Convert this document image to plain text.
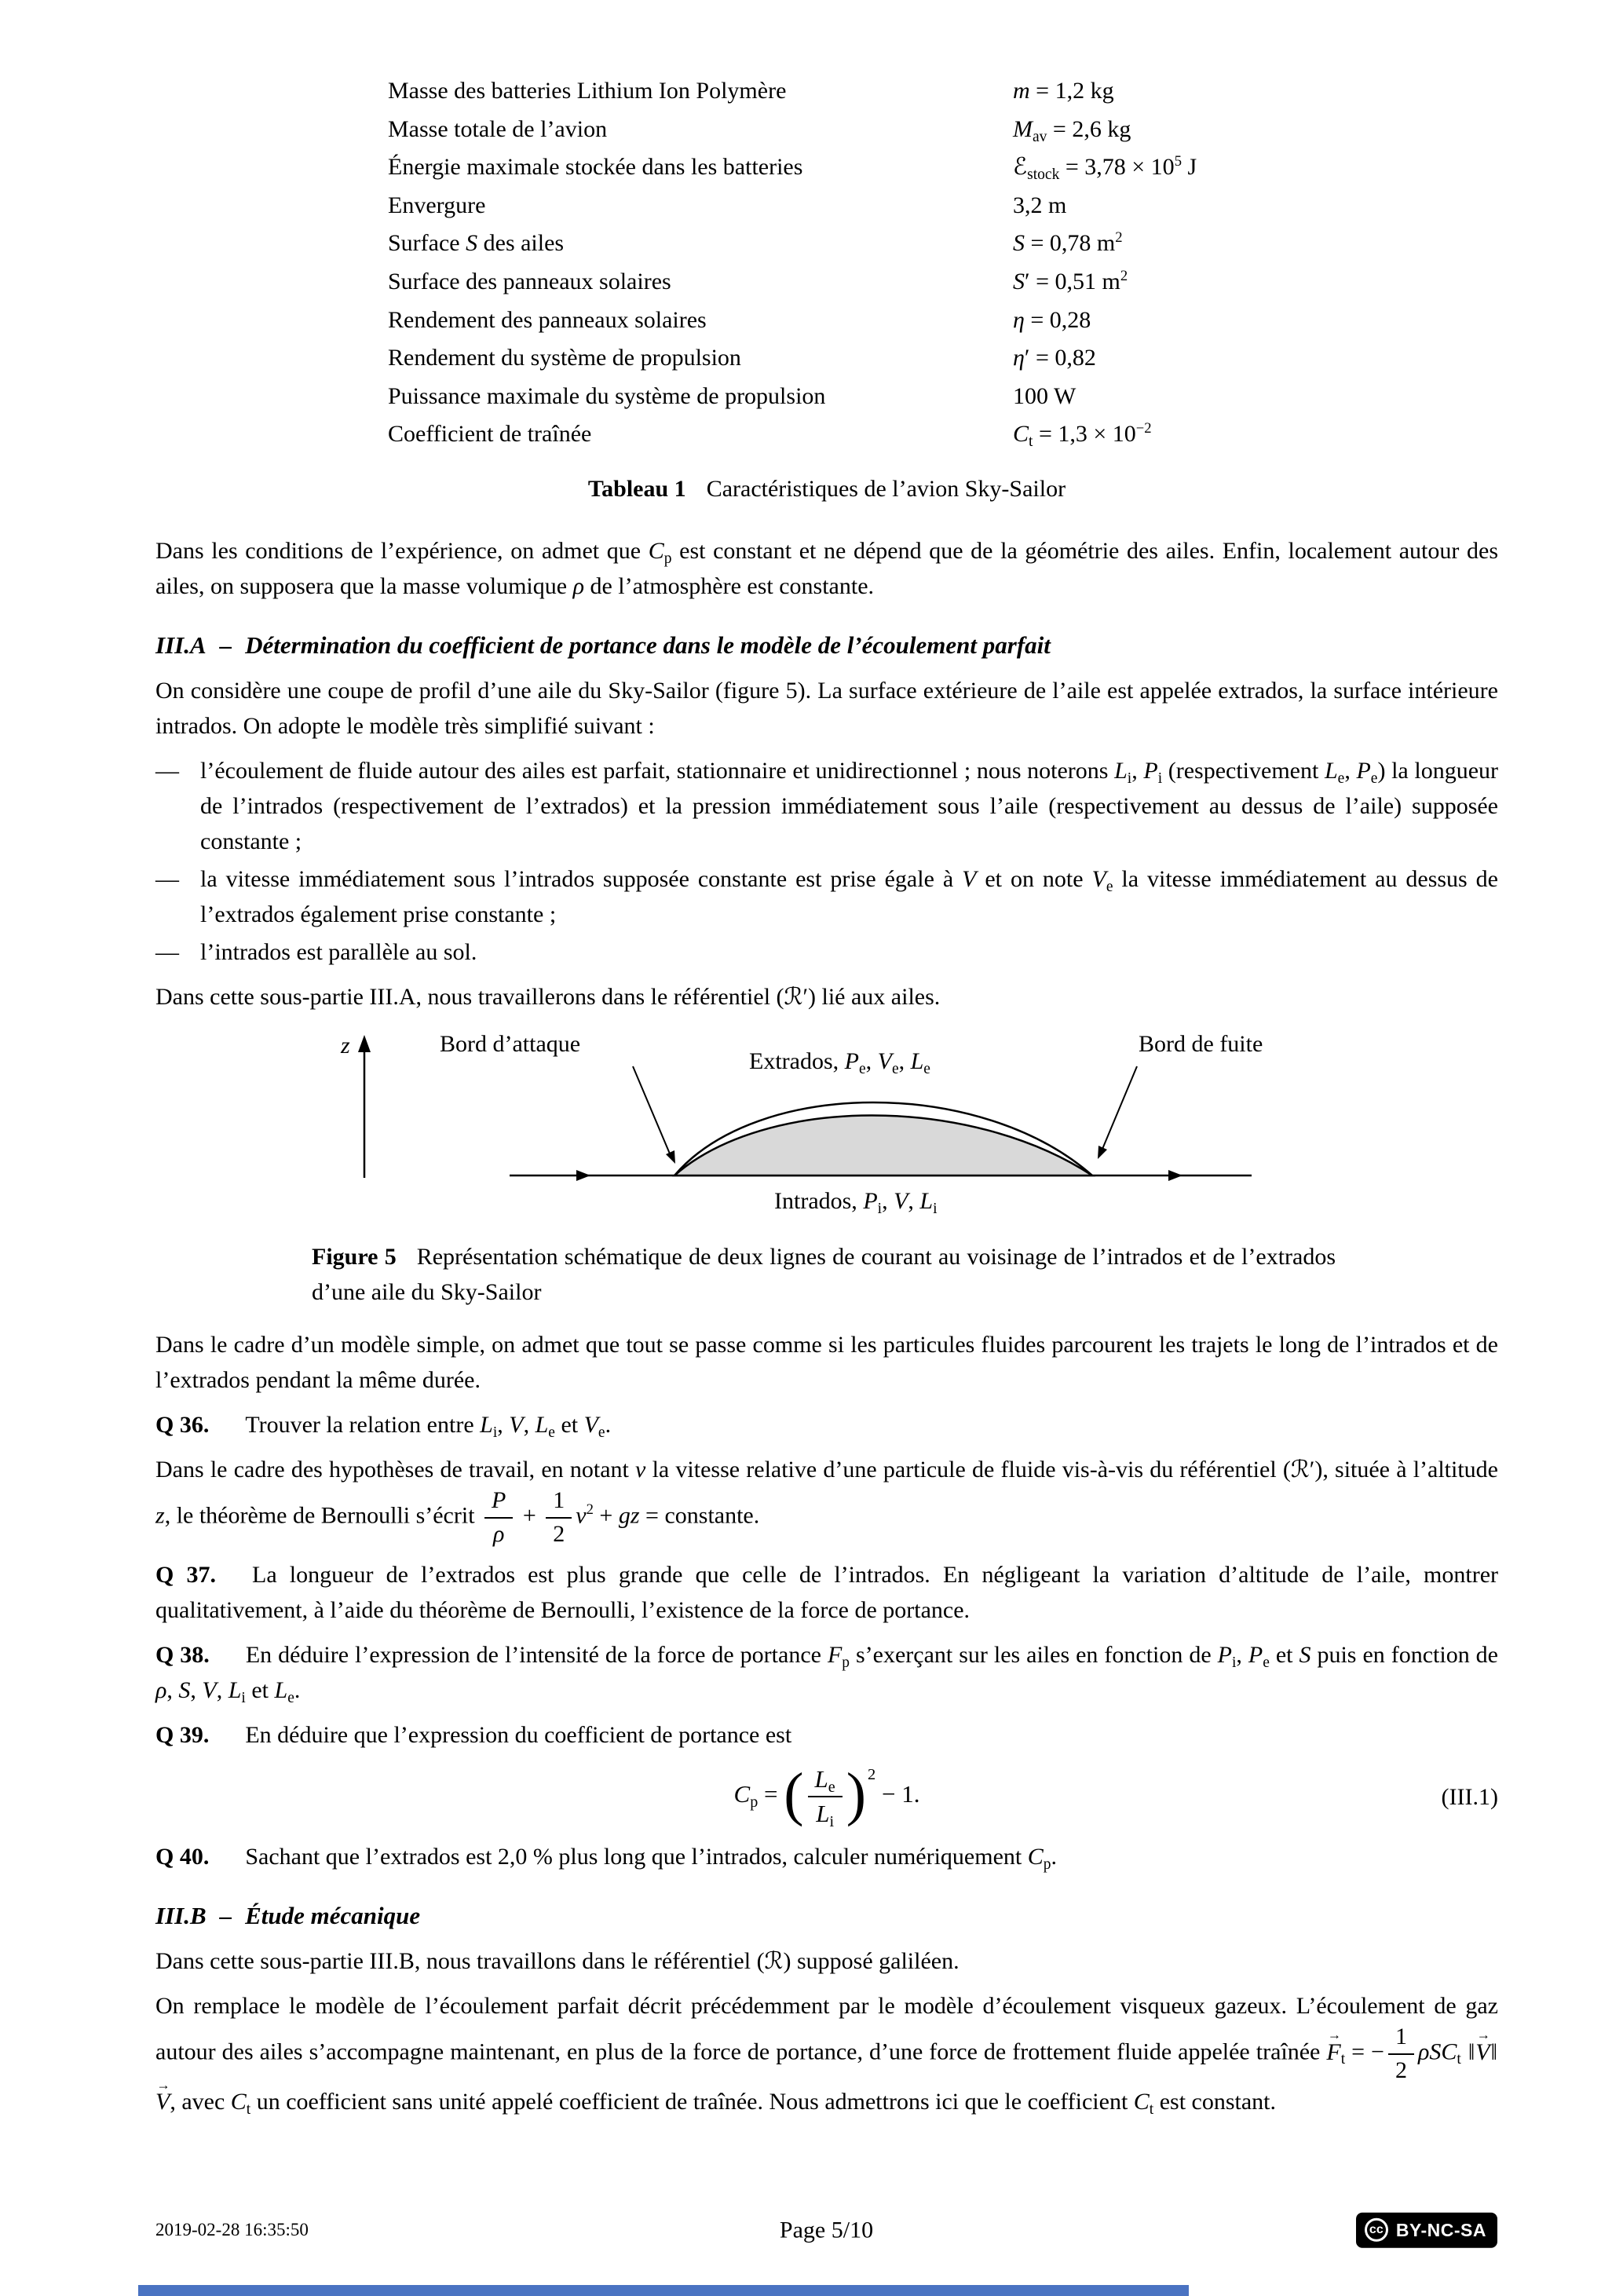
Masse des batteries Lithium Ion Polymère	m = 1,2 kg
Masse totale de l’avion	$M_{av} = 2,6$ kg
Énergie maximale stockée dans les batteries	ℰ$_{stock}$ = $3,78 \times 10^5$ J
Envergure	3,2 m
Surface S des ailes	S = 0,78 $m^2$
Surface des panneaux solaires	S′ = 0,51 $m^2$
Rendement des panneaux solaires	η = 0,28
Rendement du système de propulsion	η′ = 0,82
Puissance maximale du système de propulsion	100 W
Coefficient de traînée	$C_t = 1,3 \times 10^{-2}$
Tableau 1 Caractéristiques de l’avion Sky-Sailor

Dans les conditions de l’expérience, on admet que $C_p$ est constant et ne dépend que de la géométrie des ailes. Enfin, localement autour des ailes, on supposera que la masse volumique ρ de l’atmosphère est constante.

III.A – Détermination du coefficient de portance dans le modèle de l’écoulement parfait

On considère une coupe de profil d’une aile du Sky-Sailor (figure 5). La surface extérieure de l’aile est appelée extrados, la surface intérieure intrados. On adopte le modèle très simplifié suivant :

— l’écoulement de fluide autour des ailes est parfait, stationnaire et unidirectionnel ; nous noterons $L_i$, $P_i$ (respectivement $L_e$, $P_e$) la longueur de l’intrados (respectivement de l’extrados) et la pression immédiatement sous l’aile (respectivement au dessus de l’aile) supposée constante ;
— la vitesse immédiatement sous l’intrados supposée constante est prise égale à V et on note $V_e$ la vitesse immédiatement au dessus de l’extrados également prise constante ;
— l’intrados est parallèle au sol.

Dans cette sous-partie III.A, nous travaillerons dans le référentiel (ℛ′) lié aux ailes.

z	Bord d’attaque
Extrados, $P_e$, $V_e$, $L_e$
Bord de fuite
Intrados, $P_i$, V, $L_i$
Figure 5 Représentation schématique de deux lignes de courant au voisinage de l’intrados et de l’extrados d’une aile du Sky-Sailor

Dans le cadre d’un modèle simple, on admet que tout se passe comme si les particules fluides parcourent les trajets le long de l’intrados et de l’extrados pendant la même durée.

Q 36. Trouver la relation entre $L_i$, V, $L_e$ et $V_e$.

Dans le cadre des hypothèses de travail, en notant v la vitesse relative d’une particule de fluide vis-à-vis du référentiel (ℛ′), située à l’altitude z, le théorème de Bernoulli s’écrit $\frac{P}{\rho} + \frac{1}{2} v^2$ + gz = constante.

Q 37. La longueur de l’extrados est plus grande que celle de l’intrados. En négligeant la variation d’altitude de l’aile, montrer qualitativement, à l’aide du théorème de Bernoulli, l’existence de la force de portance.

Q 38. En déduire l’expression de l’intensité de la force de portance $F_p$ s’exerçant sur les ailes en fonction de $P_i$, $P_e$ et S puis en fonction de ρ, S, V, $L_i$ et $L_e$.

Q 39. En déduire que l’expression du coefficient de portance est

$C_p$ = ( $\frac{L_e}{L_i} )^2 - 1$.	(III.1)

Q 40. Sachant que l’extrados est 2,0 % plus long que l’intrados, calculer numériquement $C_p$.

III.B – Étude mécanique

Dans cette sous-partie III.B, nous travaillons dans le référentiel (ℛ) supposé galiléen.

On remplace le modèle de l’écoulement parfait décrit précédemment par le modèle d’écoulement visqueux gazeux. L’écoulement de gaz autour des ailes s’accompagne maintenant, en plus de la force de portance, d’une force de frottement fluide appelée traînée $F \to_t$ = − $\frac{1}{2} \rho SC_t$ ‖V →‖V →, avec $C_t$ un coefficient sans unité appelé coefficient de traînée. Nous admettrons ici que le coefficient $C_t$ est constant.

2019-02-28 16:35:50	Page 5/10	cc BY-NC-SA
